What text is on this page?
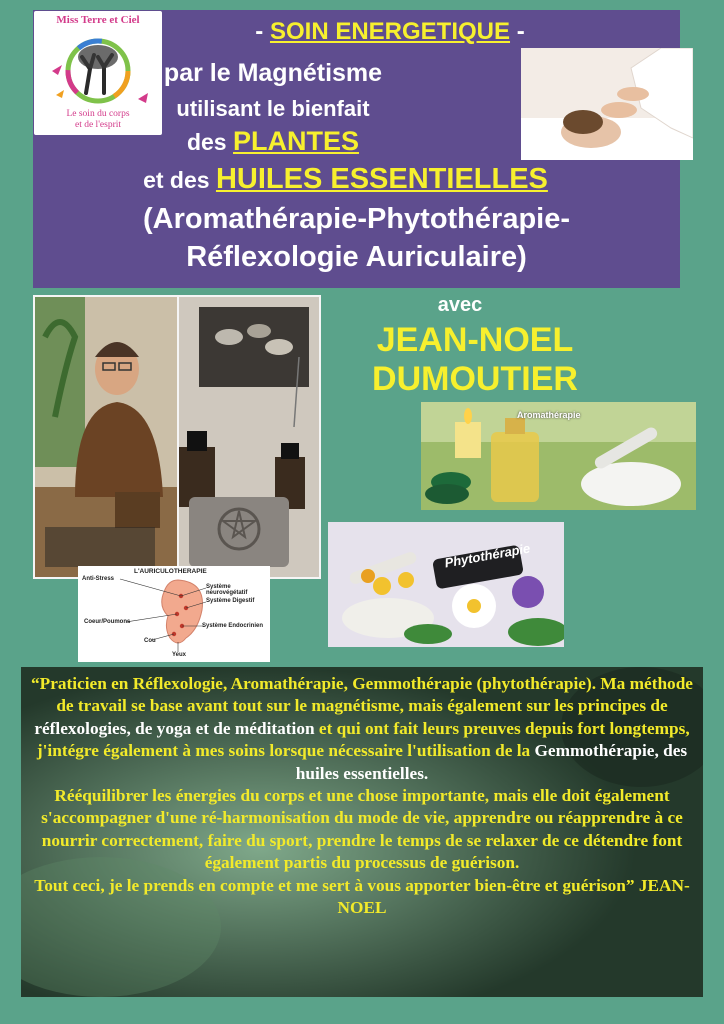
Miss Terre et Ciel
Le soin du corps
et de l'esprit
- SOIN ENERGETIQUE -
par le Magnétisme
utilisant le bienfait
des PLANTES
et des HUILES ESSENTIELLES
(Aromathérapie-Phytothérapie-
Réflexologie Auriculaire)
L'AURICULOTHERAPIE
Anti-Stress
Système neurovégétatif
Système Digestif
Coeur/Poumons
Système Endocrinien
Cou
Yeux
avec
JEAN-NOEL
DUMOUTIER
Aromathérapie
Phytothérapie
“Praticien en Réflexologie, Aromathérapie, Gemmothérapie (phytothérapie). Ma méthode de travail se base avant tout sur le magnétisme, mais également sur les principes de réflexologies, de yoga et de méditation et qui ont fait leurs preuves depuis fort longtemps, j'intégre également à mes soins lorsque nécessaire l'utilisation de la Gemmothérapie, des huiles essentielles.
Rééquilibrer les énergies du corps et une chose importante, mais elle doit également s'accompagner d'une ré-harmonisation du mode de vie, apprendre ou réapprendre à ce nourrir correctement, faire du sport, prendre le temps de se relaxer de ce détendre font également partis du processus de guérison.
Tout ceci, je le prends en compte et me sert à vous apporter bien-être et guérison” JEAN-NOEL
